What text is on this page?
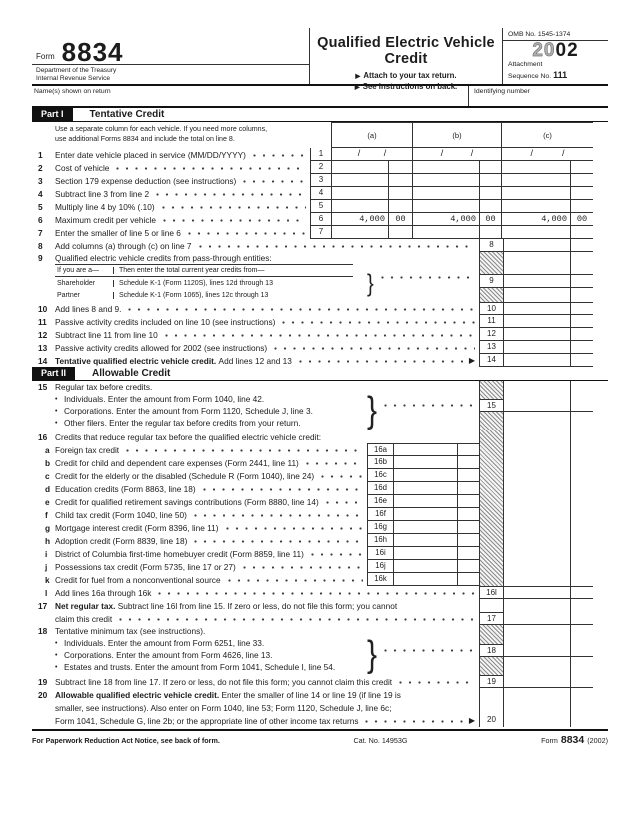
Form 8834
Department of the Treasury
Internal Revenue Service
Qualified Electric Vehicle Credit
▶ Attach to your tax return.
▶ See instructions on back.
OMB No. 1545-1374
2002
Attachment
Sequence No. 111
Name(s) shown on return	Identifying number
Part I	Tentative Credit
Use a separate column for each vehicle. If you need more columns,
use additional Forms 8834 and include the total on line 8.	(a)	(b)	(c)
1	Enter date vehicle placed in service (MM/DD/YYYY)	1	/	/	/	/	/	/
2	Cost of vehicle	2
3	Section 179 expense deduction (see instructions)	3
4	Subtract line 3 from line 2	4
5	Multiply line 4 by 10% (.10)	5
6	Maximum credit per vehicle	6	4,000	00	4,000	00	4,000	00
7	Enter the smaller of line 5 or line 6	7
8	Add columns (a) through (c) on line 7	8
9	Qualified electric vehicle credits from pass-through entities:
If you are a—	Then enter the total current year credits from—
Shareholder	Schedule K-1 (Form 1120S), lines 12d through 13
Partner	Schedule K-1 (Form 1065), lines 12c through 13	}	9
10 Add lines 8 and 9.	10
11 Passive activity credits included on line 10 (see instructions)	11
12 Subtract line 11 from line 10	12
13 Passive activity credits allowed for 2002 (see instructions)	13
14 Tentative qualified electric vehicle credit.
Add lines 12 and 13	▶	14
Part II	Allowable Credit
15 Regular tax before credits.
• Individuals. Enter the amount from Form 1040, line 42.
• Corporations. Enter the amount from Form 1120, Schedule J, line 3.
• Other filers. Enter the regular tax before credits from your return. }	15
16 Credits that reduce regular tax before the qualified electric vehicle credit:
a Foreign tax credit	16a
b Credit for child and dependent care expenses (Form 2441, line 11)	16b
c Credit for the elderly or the disabled (Schedule R (Form 1040), line 24)	16c
d Education credits (Form 8863, line 18)	16d
e Credit for qualified retirement savings contributions (Form 8880, line 14)	16e
f Child tax credit (Form 1040, line 50)	16f
g Mortgage interest credit (Form 8396, line 11)	16g
h Adoption credit (Form 8839, line 18)	16h
i District of Columbia first-time homebuyer credit (Form 8859, line 11)	16i
j Possessions tax credit (Form 5735, line 17 or 27)	16j
k Credit for fuel from a nonconventional source	16k
l Add lines 16a through 16k	16l
17 Net regular tax.
Subtract line 16l from line 15. If zero or less, do not file this form; you cannot
claim this credit	17
18 Tentative minimum tax (see instructions).
• Individuals. Enter the amount from Form 6251, line 33.
• Corporations. Enter the amount from Form 4626, line 13.
• Estates and trusts. Enter the amount from Form 1041, Schedule I, line 54. }	18
19 Subtract line 18 from line 17. If zero or less, do not file this form; you cannot claim this credit	19
20 Allowable qualified electric vehicle credit.
Enter the smaller of line 14 or line 19 (if line 19 is
smaller, see instructions). Also enter on Form 1040, line 53; Form 1120, Schedule J, line 6c;
Form 1041, Schedule G, line 2b; or the appropriate line of other income tax returns	▶	20
For Paperwork Reduction Act Notice, see back of form.	Cat. No. 14953G	Form 8834 (2002)
